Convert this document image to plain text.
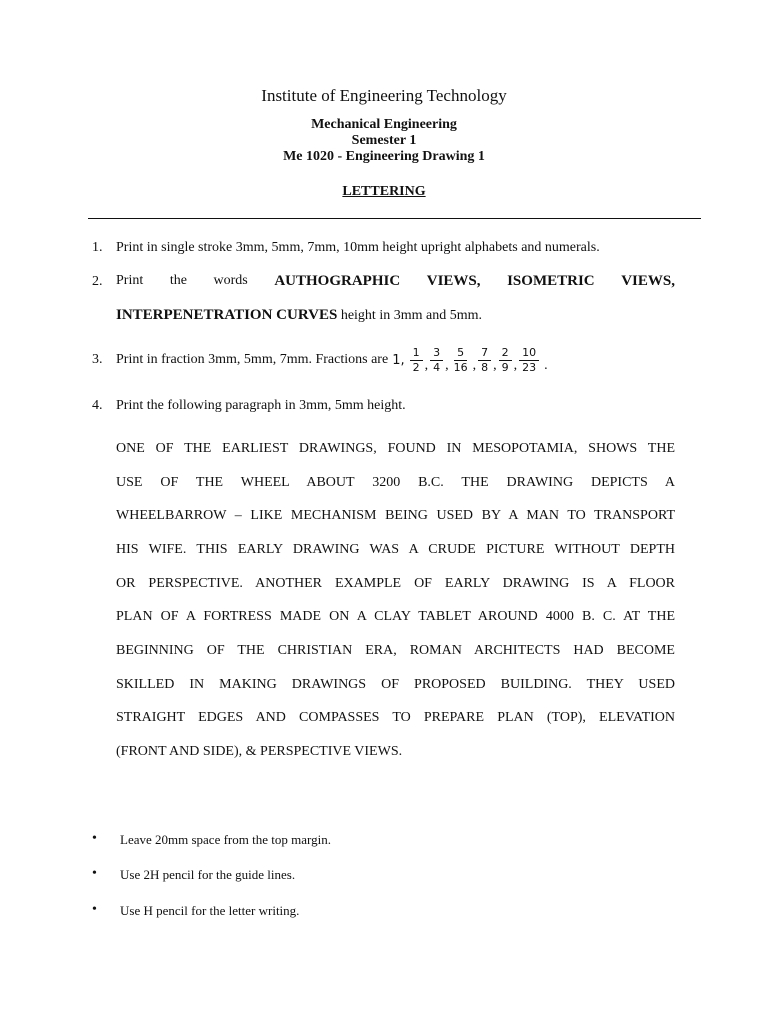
Institute of Engineering Technology
Mechanical Engineering
Semester 1
Me 1020 - Engineering Drawing 1
LETTERING
1. Print in single stroke 3mm, 5mm, 7mm, 10mm height upright alphabets and numerals.
2. Print the words AUTHOGRAPHIC VIEWS, ISOMETRIC VIEWS,
INTERPENETRATION CURVES height in 3mm and 5mm.
3. Print in fraction 3mm, 5mm, 7mm. Fractions are 1, $\frac{1}{2}$ , $\frac{3}{4}$ , $\frac{5}{16}$ , $\frac{7}{8}$ , $\frac{2}{9}$ , $\frac{10}{23}$ .
4. Print the following paragraph in 3mm, 5mm height.
ONE OF THE EARLIEST DRAWINGS, FOUND IN MESOPOTAMIA, SHOWS THE
USE OF THE WHEEL ABOUT 3200 B.C. THE DRAWING DEPICTS A
WHEELBARROW – LIKE MECHANISM BEING USED BY A MAN TO TRANSPORT
HIS WIFE. THIS EARLY DRAWING WAS A CRUDE PICTURE WITHOUT DEPTH
OR PERSPECTIVE. ANOTHER EXAMPLE OF EARLY DRAWING IS A FLOOR
PLAN OF A FORTRESS MADE ON A CLAY TABLET AROUND 4000 B. C. AT THE
BEGINNING OF THE CHRISTIAN ERA, ROMAN ARCHITECTS HAD BECOME
SKILLED IN MAKING DRAWINGS OF PROPOSED BUILDING. THEY USED
STRAIGHT EDGES AND COMPASSES TO PREPARE PLAN (TOP), ELEVATION
(FRONT AND SIDE), & PERSPECTIVE VIEWS.
• Leave 20mm space from the top margin.
• Use 2H pencil for the guide lines.
• Use H pencil for the letter writing.
